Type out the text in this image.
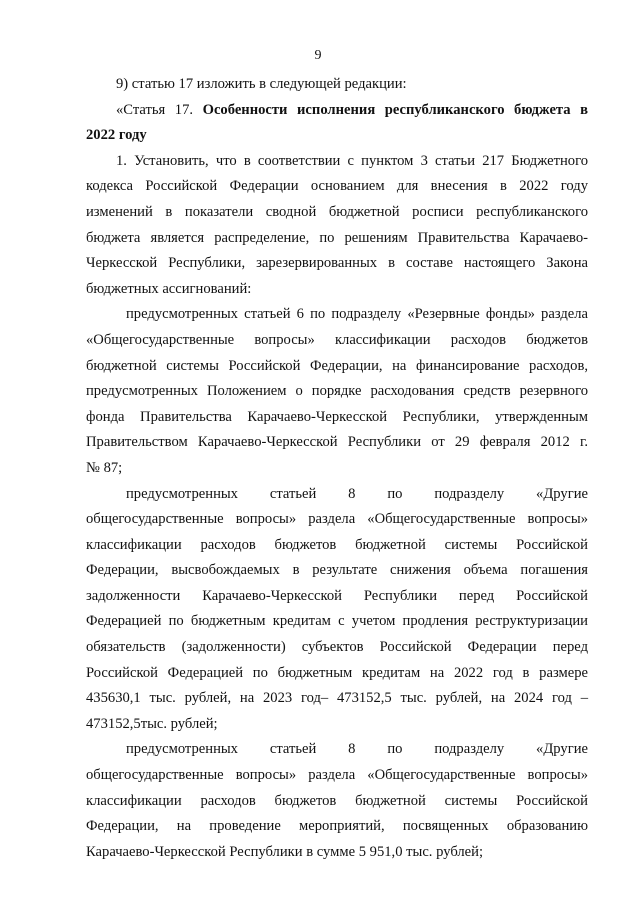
9
9) статью 17 изложить в следующей редакции:
«Статья 17. Особенности исполнения республиканского бюджета в
2022 году
1. Установить, что в соответствии с пунктом 3 статьи 217 Бюджетного
кодекса Российской Федерации основанием для внесения в 2022 году
изменений в показатели сводной бюджетной росписи республиканского
бюджета является распределение, по решениям Правительства Карачаево-
Черкесской Республики, зарезервированных в составе настоящего Закона
бюджетных ассигнований:
предусмотренных статьей 6 по подразделу «Резервные фонды» раздела
«Общегосударственные вопросы» классификации расходов бюджетов
бюджетной системы Российской Федерации, на финансирование расходов,
предусмотренных Положением о порядке расходования средств резервного
фонда Правительства Карачаево-Черкесской Республики, утвержденным
Правительством Карачаево-Черкесской Республики от 29 февраля 2012 г.
№ 87;
предусмотренных статьей 8 по подразделу «Другие
общегосударственные вопросы» раздела «Общегосударственные вопросы»
классификации расходов бюджетов бюджетной системы Российской
Федерации, высвобождаемых в результате снижения объема погашения
задолженности Карачаево-Черкесской Республики перед Российской
Федерацией по бюджетным кредитам с учетом продления реструктуризации
обязательств (задолженности) субъектов Российской Федерации перед
Российской Федерацией по бюджетным кредитам на 2022 год в размере
435630,1 тыс. рублей, на 2023 год– 473152,5 тыс. рублей, на 2024 год –
473152,5тыс. рублей;
предусмотренных статьей 8 по подразделу «Другие
общегосударственные вопросы» раздела «Общегосударственные вопросы»
классификации расходов бюджетов бюджетной системы Российской
Федерации, на проведение мероприятий, посвященных образованию
Карачаево-Черкесской Республики в сумме 5 951,0 тыс. рублей;
